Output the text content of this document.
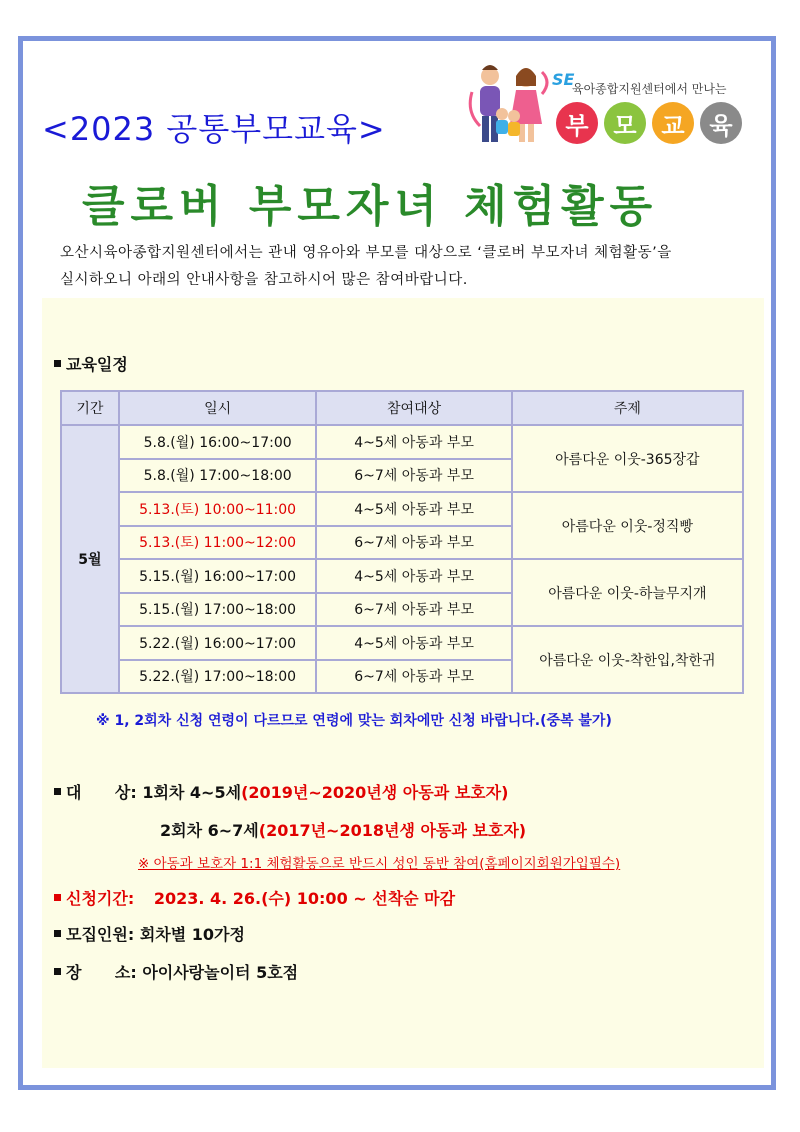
<2023 공통부모교육>
SE
육아종합지원센터에서 만나는
부	모	교	육
클로버 부모자녀 체험활동
오산시육아종합지원센터에서는 관내 영유아와 부모를 대상으로 ‘클로버 부모자녀 체험활동’을
실시하오니 아래의 안내사항을 참고하시어 많은 참여바랍니다.
교육일정
기간	일시	참여대상	주제
5월	5.8.(월) 16:00~17:00	4~5세 아동과 부모	아름다운 이웃-365장갑
	5.8.(월) 17:00~18:00	6~7세 아동과 부모	
	5.13.(토) 10:00~11:00	4~5세 아동과 부모	아름다운 이웃-정직빵
	5.13.(토) 11:00~12:00	6~7세 아동과 부모	
	5.15.(월) 16:00~17:00	4~5세 아동과 부모	아름다운 이웃-하늘무지개
	5.15.(월) 17:00~18:00	6~7세 아동과 부모	
	5.22.(월) 16:00~17:00	4~5세 아동과 부모	아름다운 이웃-착한입,착한귀
	5.22.(월) 17:00~18:00	6~7세 아동과 부모	
※ 1, 2회차 신청 연령이 다르므로 연령에 맞는 회차에만 신청 바랍니다.(중복 불가)
대      상: 1회차 4~5세(2019년~2020년생 아동과 보호자)
2회차 6~7세(2017년~2018년생 아동과 보호자)
※ 아동과 보호자 1:1 체험활동으로 반드시 성인 동반 참여(홈페이지회원가입필수)
신청기간: 2023. 4. 26.(수) 10:00 ~ 선착순 마감
모집인원: 회차별 10가정
장      소: 아이사랑놀이터 5호점
